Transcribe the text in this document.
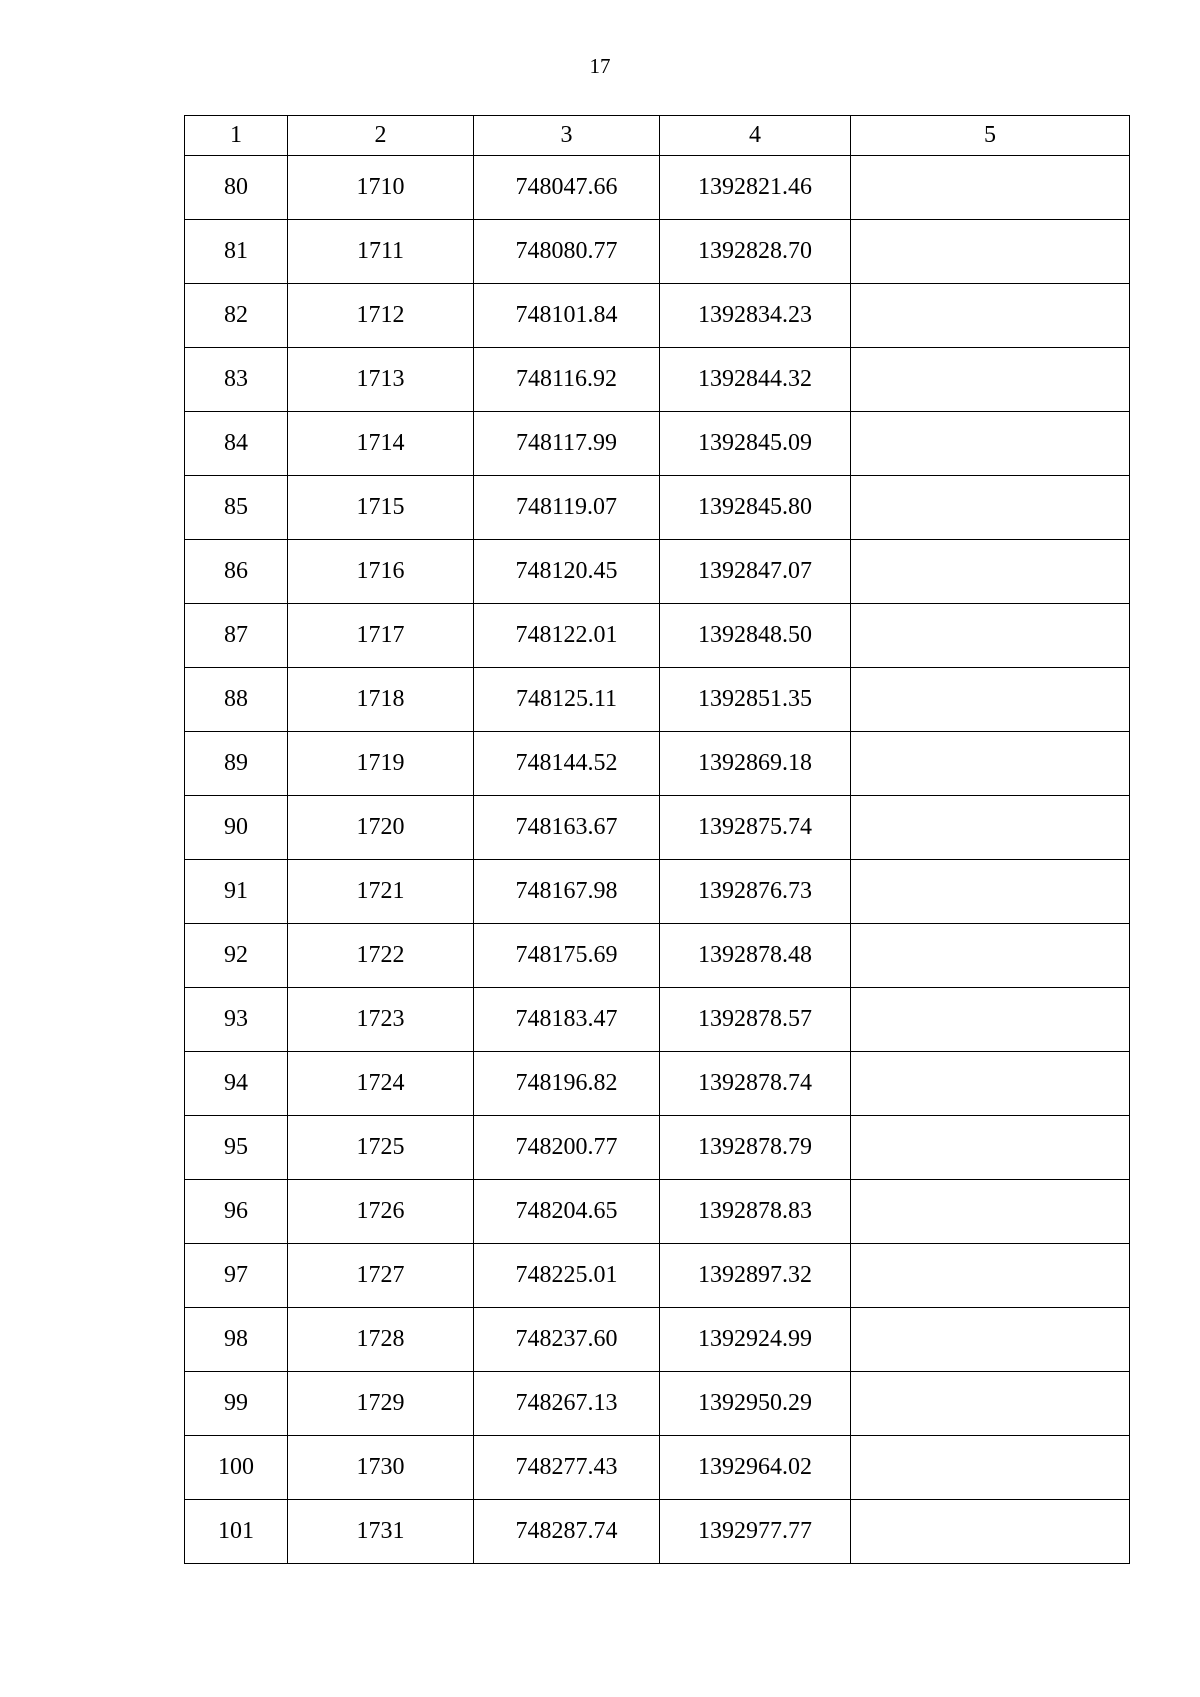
17
1	2	3	4	5
80	1710	748047.66	1392821.46	
81	1711	748080.77	1392828.70	
82	1712	748101.84	1392834.23	
83	1713	748116.92	1392844.32	
84	1714	748117.99	1392845.09	
85	1715	748119.07	1392845.80	
86	1716	748120.45	1392847.07	
87	1717	748122.01	1392848.50	
88	1718	748125.11	1392851.35	
89	1719	748144.52	1392869.18	
90	1720	748163.67	1392875.74	
91	1721	748167.98	1392876.73	
92	1722	748175.69	1392878.48	
93	1723	748183.47	1392878.57	
94	1724	748196.82	1392878.74	
95	1725	748200.77	1392878.79	
96	1726	748204.65	1392878.83	
97	1727	748225.01	1392897.32	
98	1728	748237.60	1392924.99	
99	1729	748267.13	1392950.29	
100	1730	748277.43	1392964.02	
101	1731	748287.74	1392977.77	
